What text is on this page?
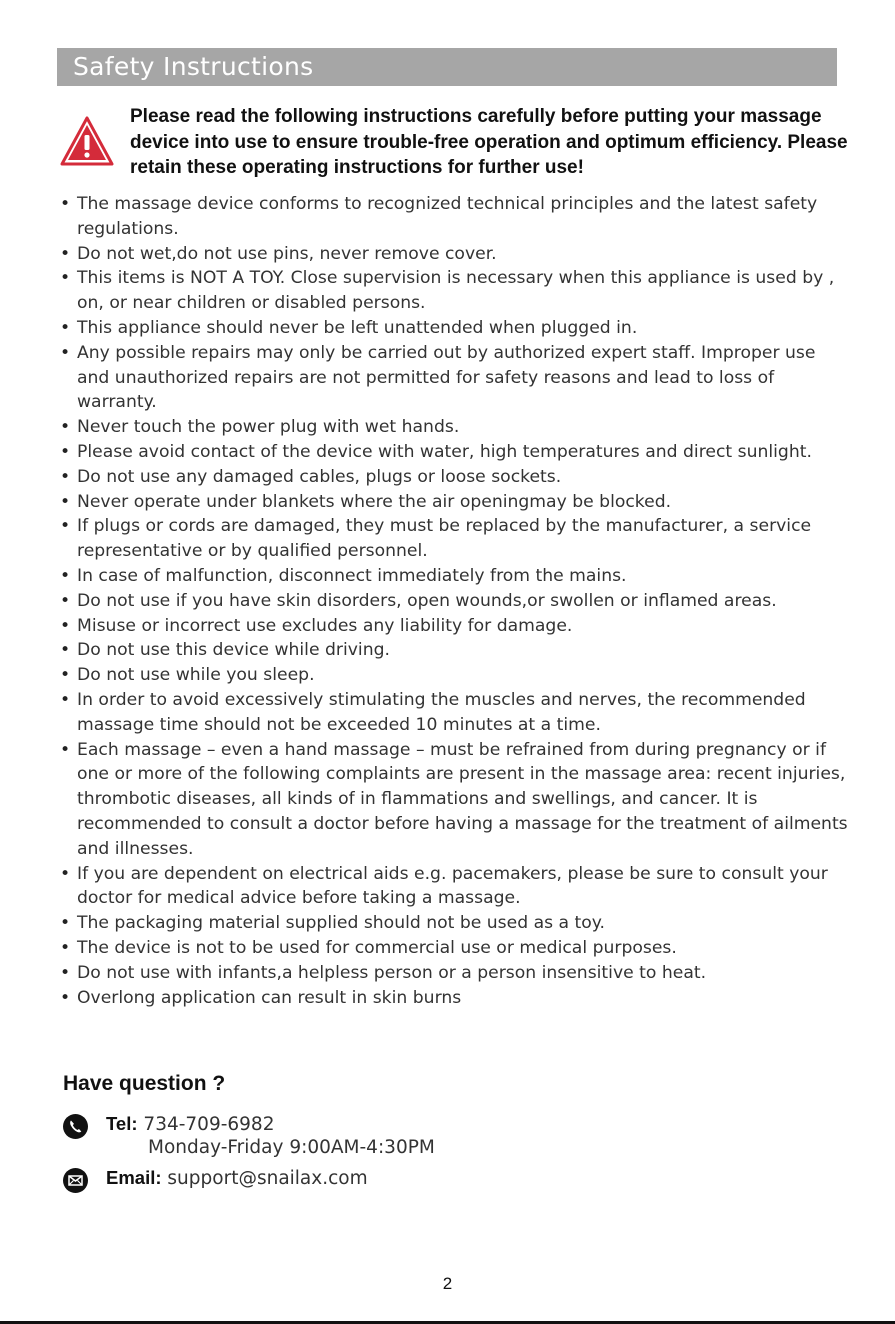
Safety Instructions
Please read the following instructions carefully before putting your massage device into use to ensure trouble-free operation and optimum efficiency. Please retain these operating instructions for further use!
• The massage device conforms to recognized technical principles and the latest safety regulations.
• Do not wet,do not use pins, never remove cover.
• This items is NOT A TOY. Close supervision is necessary when this appliance is used by , on, or near children or disabled persons.
• This appliance should never be left unattended when plugged in.
• Any possible repairs may only be carried out by authorized expert staff. Improper use and unauthorized repairs are not permitted for safety reasons and lead to loss of warranty.
• Never touch the power plug with wet hands.
• Please avoid contact of the device with water, high temperatures and direct sunlight.
• Do not use any damaged cables, plugs or loose sockets.
• Never operate under blankets where the air openingmay be blocked.
• If plugs or cords are damaged, they must be replaced by the manufacturer, a service representative or by qualified personnel.
• In case of malfunction, disconnect immediately from the mains.
• Do not use if you have skin disorders, open wounds,or swollen or inflamed areas.
• Misuse or incorrect use excludes any liability for damage.
• Do not use this device while driving.
• Do not use while you sleep.
• In order to avoid excessively stimulating the muscles and nerves, the recommended massage time should not be exceeded 10 minutes at a time.
• Each massage – even a hand massage – must be refrained from during pregnancy or if one or more of the following complaints are present in the massage area: recent injuries, thrombotic diseases, all kinds of in flammations and swellings, and cancer. It is recommended to consult a doctor before having a massage for the treatment of ailments and illnesses.
• If you are dependent on electrical aids e.g. pacemakers, please be sure to consult your doctor for medical advice before taking a massage.
• The packaging material supplied should not be used as a toy.
• The device is not to be used for commercial use or medical purposes.
• Do not use with infants,a helpless person or a person insensitive to heat.
• Overlong application can result in skin burns
Have question ?
Tel: 734-709-6982
Monday-Friday 9:00AM-4:30PM
Email: support@snailax.com
2
